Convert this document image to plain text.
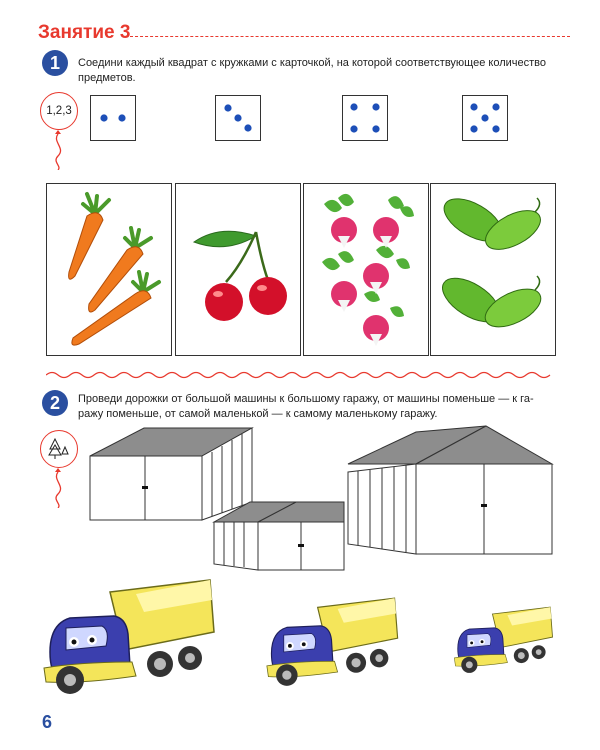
Занятие 3
1	Соедини каждый квадрат с кружками с карточкой, на которой соответствующее количество
предметов.
1,2,3
2	Проведи дорожки от большой машины к большому гаражу, от машины поменьше — к га-
ражу поменьше, от самой маленькой — к самому маленькому гаражу.
6
